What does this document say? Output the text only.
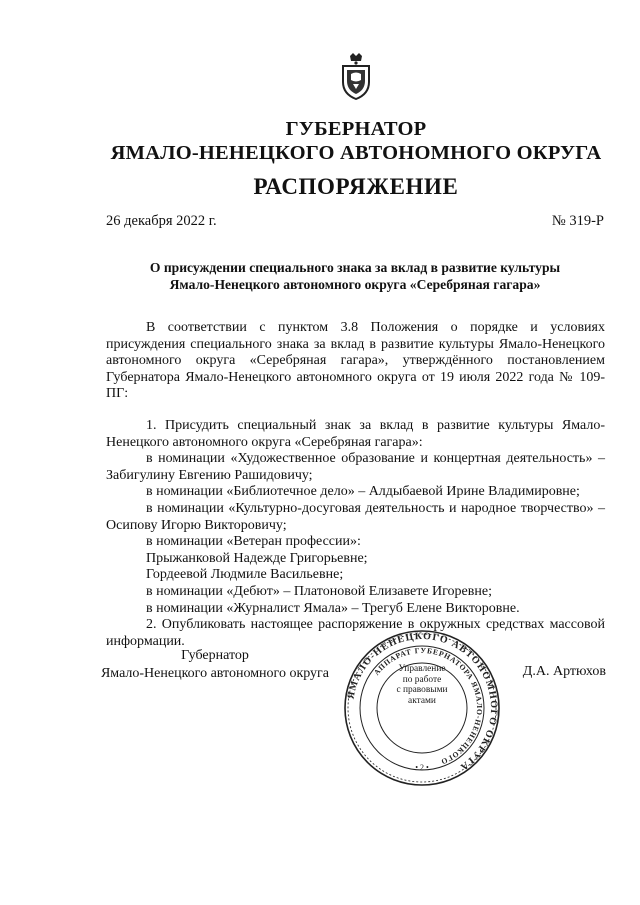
ГУБЕРНАТОР
ЯМАЛО-НЕНЕЦКОГО АВТОНОМНОГО ОКРУГА
РАСПОРЯЖЕНИЕ
26 декабря 2022 г.	№ 319-Р
О присуждении специального знака за вклад в развитие культуры
Ямало-Ненецкого автономного округа «Серебряная гагара»

В соответствии с пунктом 3.8 Положения о порядке и условиях присуждения специального знака за вклад в развитие культуры Ямало-Ненецкого автономного округа «Серебряная гагара», утверждённого постановлением Губернатора Ямало-Ненецкого автономного округа от 19 июля 2022 года № 109-ПГ:

1. Присудить специальный знак за вклад в развитие культуры Ямало-Ненецкого автономного округа «Серебряная гагара»:

в номинации «Художественное образование и концертная деятельность» – Забигулину Евгению Рашидовичу;

в номинации «Библиотечное дело» – Алдыбаевой Ирине Владимировне;

в номинации «Культурно-досуговая деятельность и народное творчество» – Осипову Игорю Викторовичу;

в номинации «Ветеран профессии»:

Прыжанковой Надежде Григорьевне;

Гордеевой Людмиле Васильевне;

в номинации «Дебют» – Платоновой Елизавете Игоревне;

в номинации «Журналист Ямала» – Трегуб Елене Викторовне.

2. Опубликовать настоящее распоряжение в окружных средствах массовой информации.

Губернатор
Ямало-Ненецкого автономного округа
ЯМАЛО-НЕНЕЦКОГО АВТОНОМНОГО ОКРУГА
АППАРАТ ГУБЕРНАТОРА ЯМАЛО-НЕНЕЦКОГО
• 2 •
Управление
по работе
с правовыми
актами
Д.А. Артюхов
